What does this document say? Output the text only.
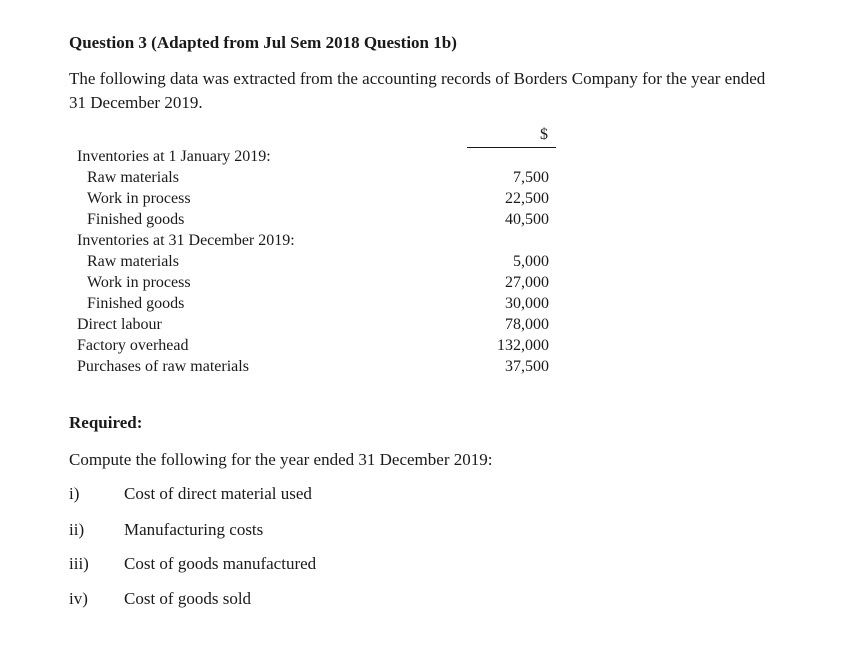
Question 3 (Adapted from Jul Sem 2018 Question 1b)
The following data was extracted from the accounting records of Borders Company for the year ended 31 December 2019.
$
Inventories at 1 January 2019:
Raw materials
Work in process
Finished goods
Inventories at 31 December 2019:
Raw materials
Work in process
Finished goods
Direct labour
Factory overhead
Purchases of raw materials
7,500
22,500
40,500
5,000
27,000
30,000
78,000
132,000
37,500
Required:
Compute the following for the year ended 31 December 2019:
i)	Cost of direct material used
ii) Manufacturing costs
iii) Cost of goods manufactured
iv) Cost of goods sold
